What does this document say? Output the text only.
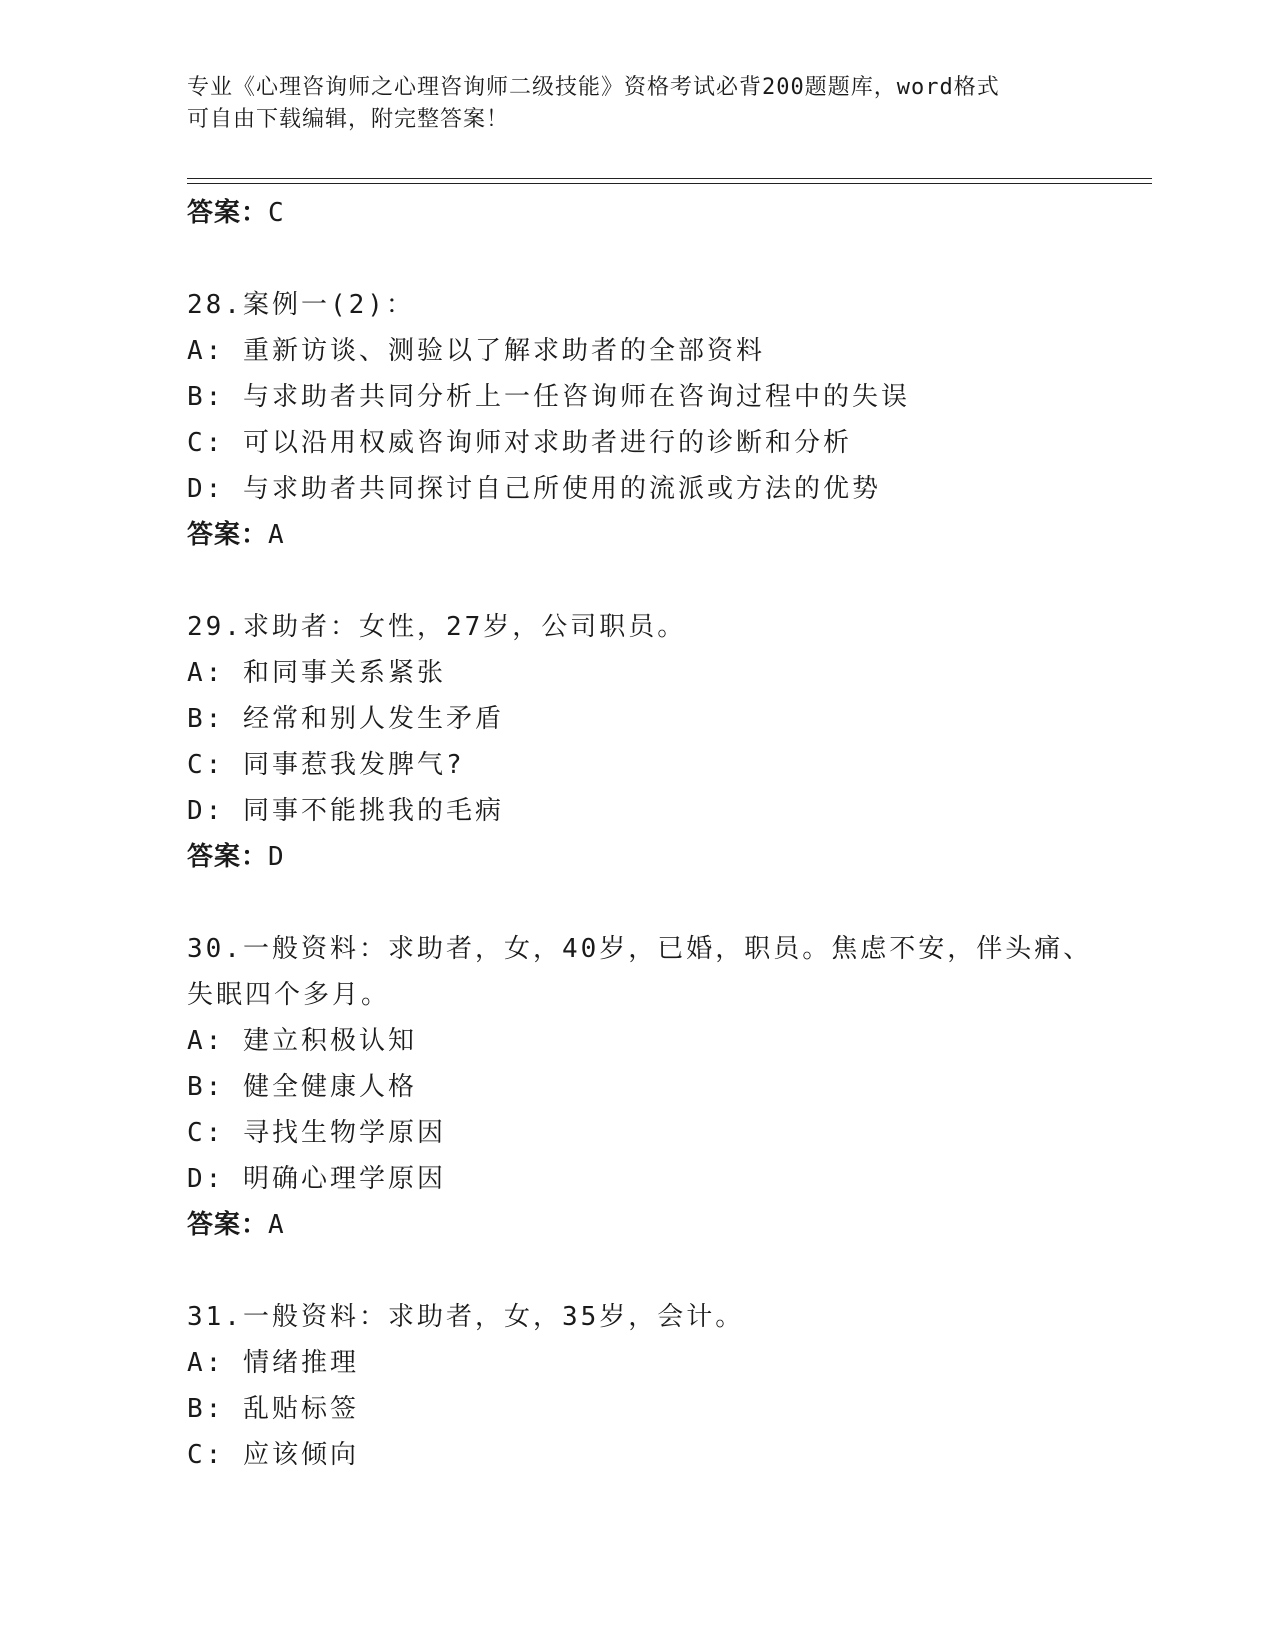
专业《心理咨询师之心理咨询师二级技能》资格考试必背200题题库，word格式
可自由下载编辑，附完整答案！
答案：C
28.案例一(2)：
A: 重新访谈、测验以了解求助者的全部资料
B: 与求助者共同分析上一任咨询师在咨询过程中的失误
C: 可以沿用权威咨询师对求助者进行的诊断和分析
D: 与求助者共同探讨自己所使用的流派或方法的优势
答案：A
29.求助者：女性，27岁，公司职员。
A: 和同事关系紧张
B: 经常和别人发生矛盾
C: 同事惹我发脾气?
D: 同事不能挑我的毛病
答案：D
30.一般资料：求助者，女，40岁，已婚，职员。焦虑不安，伴头痛、
失眠四个多月。
A: 建立积极认知
B: 健全健康人格
C: 寻找生物学原因
D: 明确心理学原因
答案：A
31.一般资料：求助者，女，35岁，会计。
A: 情绪推理
B: 乱贴标签
C: 应该倾向
